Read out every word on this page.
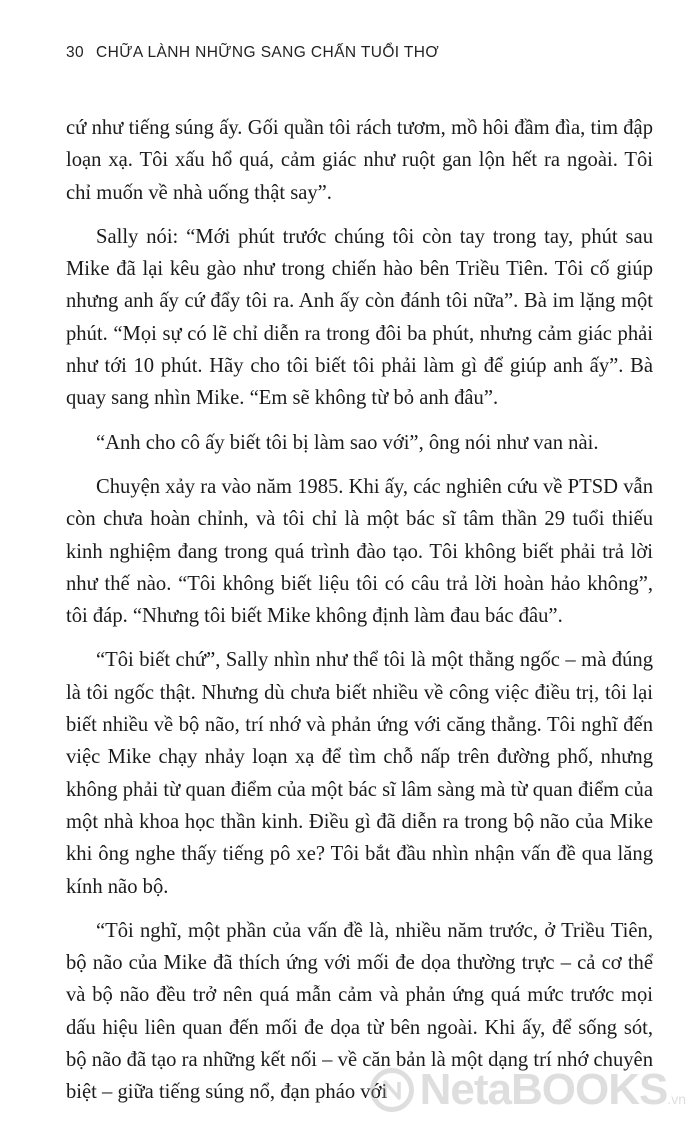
30 CHỮA LÀNH NHỮNG SANG CHẤN TUỔI THƠ

cứ như tiếng súng ấy. Gối quần tôi rách tươm, mồ hôi đầm đìa, tim đập loạn xạ. Tôi xấu hổ quá, cảm giác như ruột gan lộn hết ra ngoài. Tôi chỉ muốn về nhà uống thật say”.

Sally nói: “Mới phút trước chúng tôi còn tay trong tay, phút sau Mike đã lại kêu gào như trong chiến hào bên Triều Tiên. Tôi cố giúp nhưng anh ấy cứ đẩy tôi ra. Anh ấy còn đánh tôi nữa”. Bà im lặng một phút. “Mọi sự có lẽ chỉ diễn ra trong đôi ba phút, nhưng cảm giác phải như tới 10 phút. Hãy cho tôi biết tôi phải làm gì để giúp anh ấy”. Bà quay sang nhìn Mike. “Em sẽ không từ bỏ anh đâu”.

“Anh cho cô ấy biết tôi bị làm sao với”, ông nói như van nài.

Chuyện xảy ra vào năm 1985. Khi ấy, các nghiên cứu về PTSD vẫn còn chưa hoàn chỉnh, và tôi chỉ là một bác sĩ tâm thần 29 tuổi thiếu kinh nghiệm đang trong quá trình đào tạo. Tôi không biết phải trả lời như thế nào. “Tôi không biết liệu tôi có câu trả lời hoàn hảo không”, tôi đáp. “Nhưng tôi biết Mike không định làm đau bác đâu”.

“Tôi biết chứ”, Sally nhìn như thể tôi là một thằng ngốc – mà đúng là tôi ngốc thật. Nhưng dù chưa biết nhiều về công việc điều trị, tôi lại biết nhiều về bộ não, trí nhớ và phản ứng với căng thẳng. Tôi nghĩ đến việc Mike chạy nhảy loạn xạ để tìm chỗ nấp trên đường phố, nhưng không phải từ quan điểm của một bác sĩ lâm sàng mà từ quan điểm của một nhà khoa học thần kinh. Điều gì đã diễn ra trong bộ não của Mike khi ông nghe thấy tiếng pô xe? Tôi bắt đầu nhìn nhận vấn đề qua lăng kính não bộ.

“Tôi nghĩ, một phần của vấn đề là, nhiều năm trước, ở Triều Tiên, bộ não của Mike đã thích ứng với mối đe dọa thường trực – cả cơ thể và bộ não đều trở nên quá mẫn cảm và phản ứng quá mức trước mọi dấu hiệu liên quan đến mối đe dọa từ bên ngoài. Khi ấy, để sống sót, bộ não đã tạo ra những kết nối – về căn bản là một dạng trí nhớ chuyên biệt – giữa tiếng súng nổ, đạn pháo với NetaBOOKS.vn
